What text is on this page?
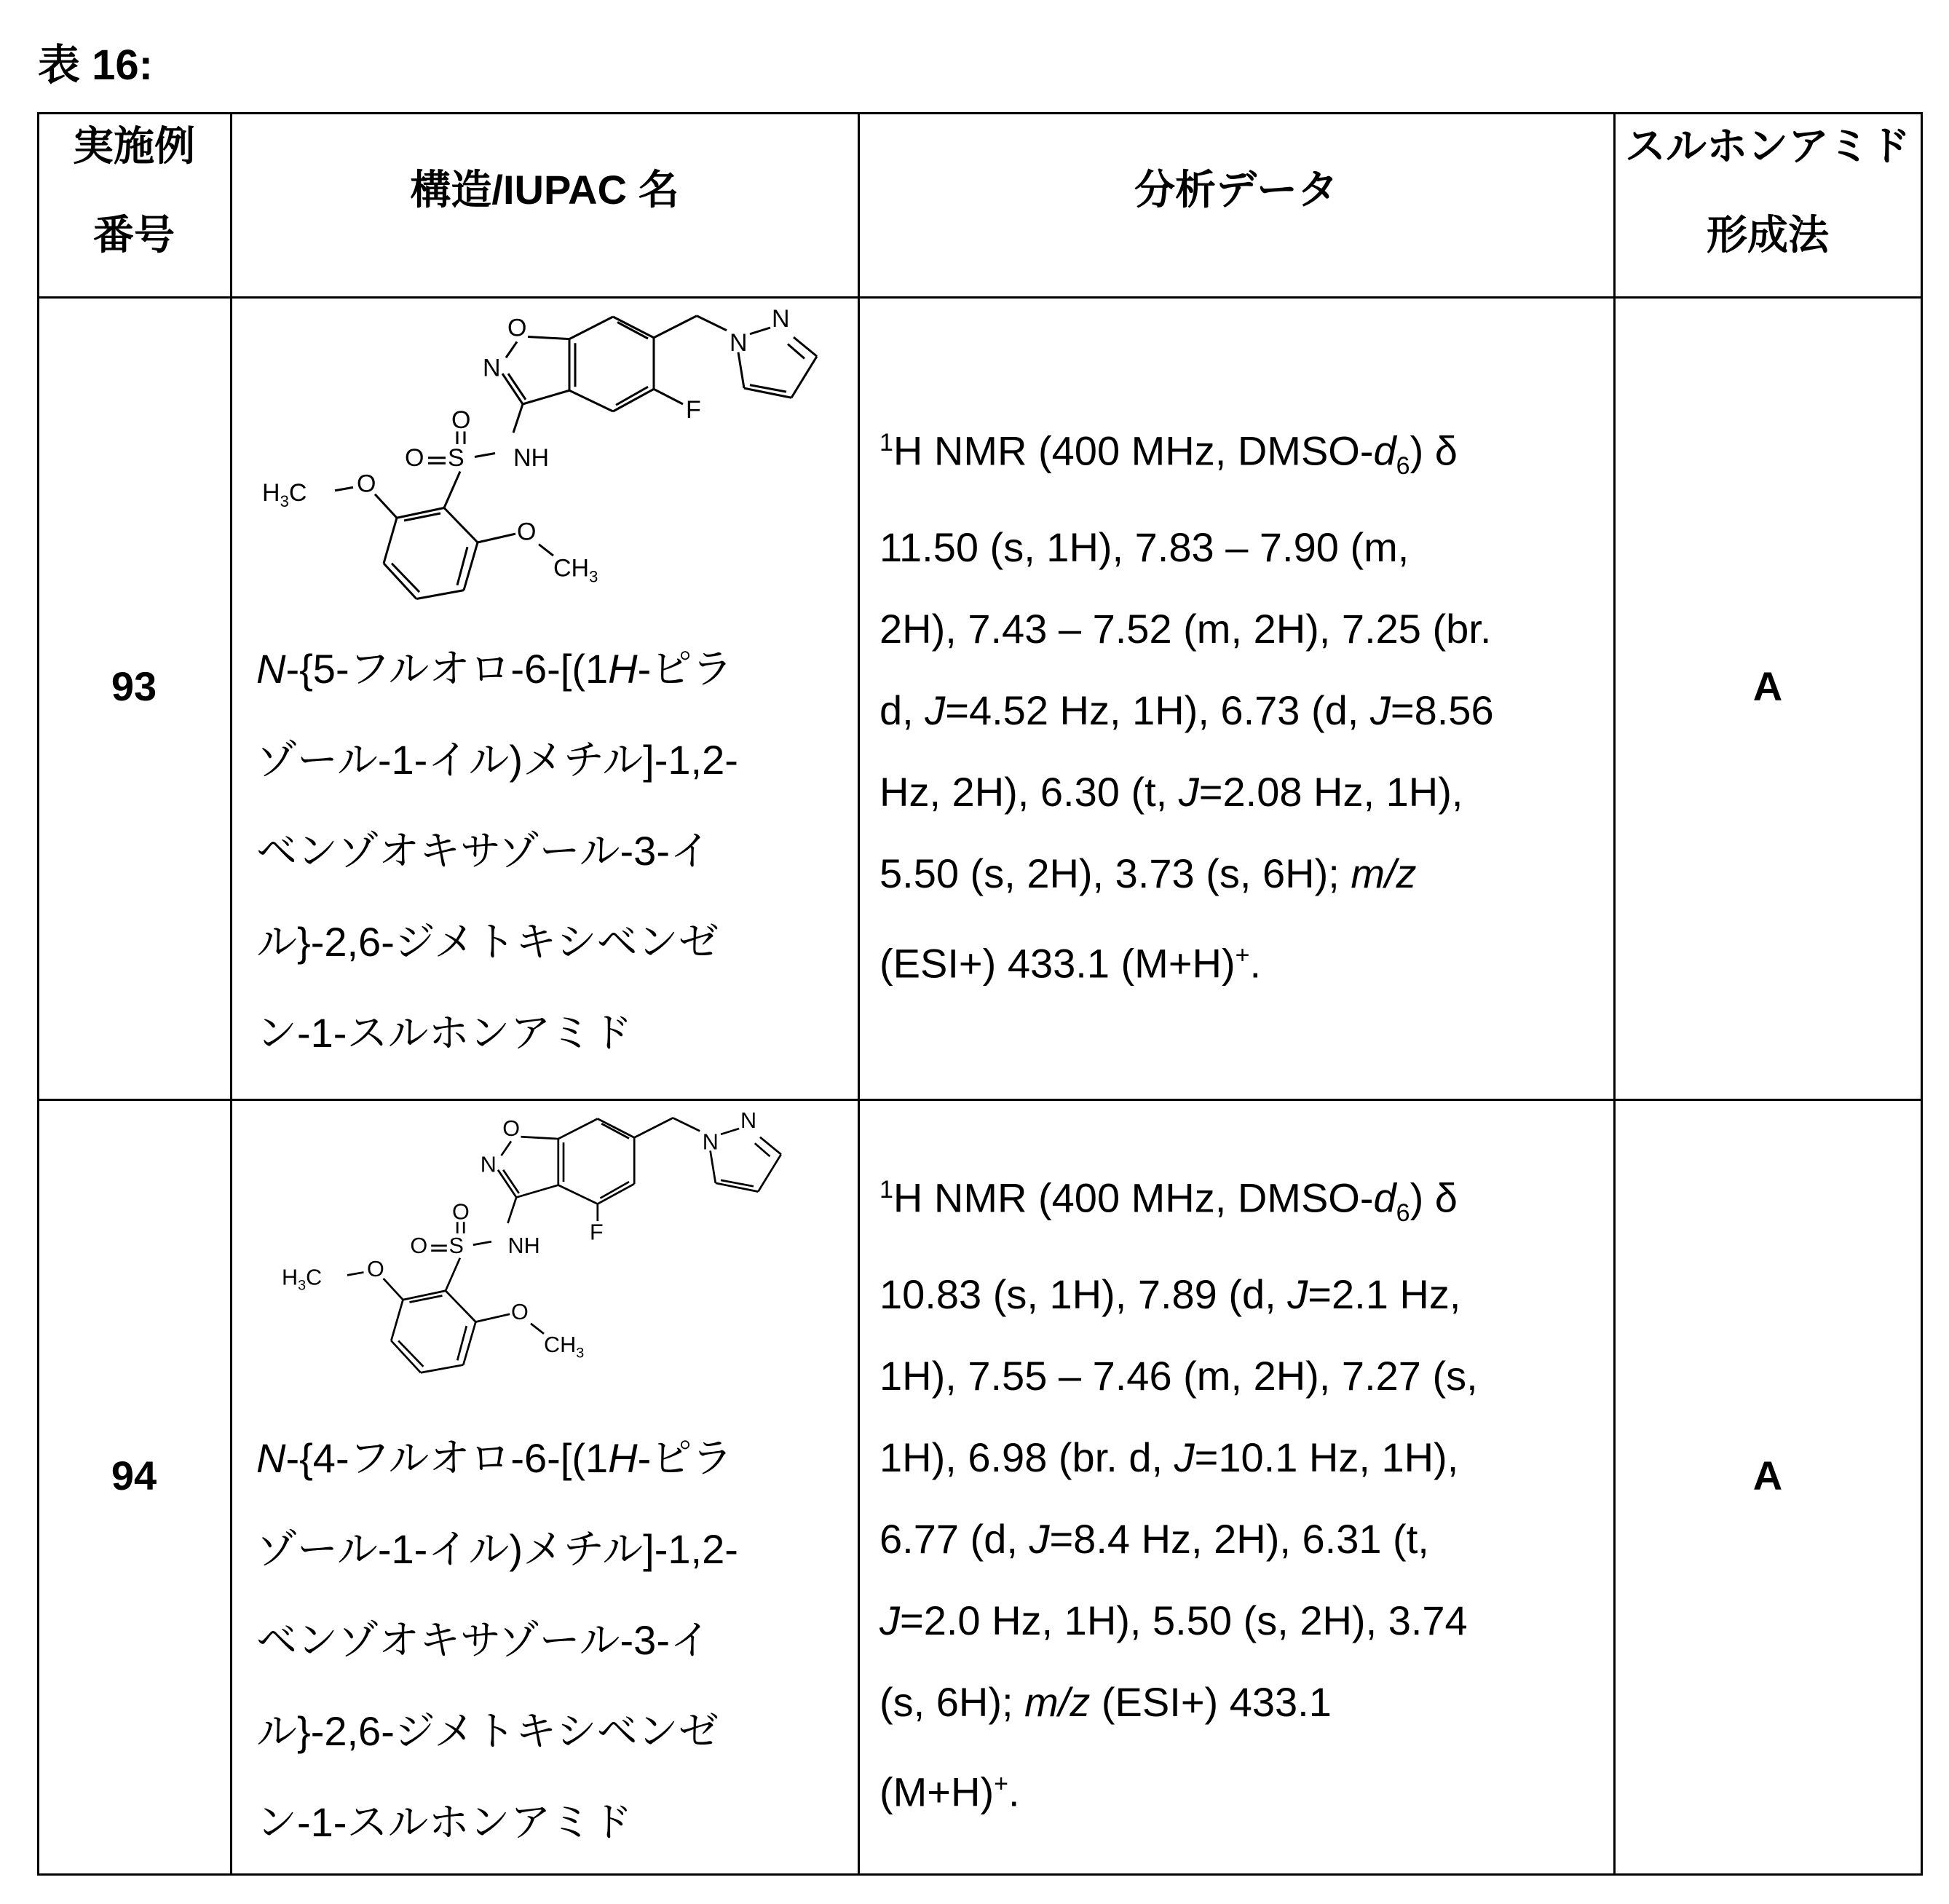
表 16:
実施例
番号
構造/IUPAC 名	分析データ
スルホンアミド
形成法
93	A
N-{5-フルオロ-6-[(1H-ピラ
ゾール-1-イル)メチル]-1,2-
ベンゾオキサゾール-3-イ
ル}-2,6-ジメトキシベンゼ
ン-1-スルホンアミド
1H NMR (400 MHz, DMSO-d6) δ
11.50 (s, 1H), 7.83 – 7.90 (m,
2H), 7.43 – 7.52 (m, 2H), 7.25 (br.
d, J=4.52 Hz, 1H), 6.73 (d, J=8.56
Hz, 2H), 6.30 (t, J=2.08 Hz, 1H),
5.50 (s, 2H), 3.73 (s, 6H); m/z
(ESI+) 433.1 (M+H)+.
94	A
N-{4-フルオロ-6-[(1H-ピラ
ゾール-1-イル)メチル]-1,2-
ベンゾオキサゾール-3-イ
ル}-2,6-ジメトキシベンゼ
ン-1-スルホンアミド
1H NMR (400 MHz, DMSO-d6) δ
10.83 (s, 1H), 7.89 (d, J=2.1 Hz,
1H), 7.55 – 7.46 (m, 2H), 7.27 (s,
1H), 6.98 (br. d, J=10.1 Hz, 1H),
6.77 (d, J=8.4 Hz, 2H), 6.31 (t,
J=2.0 Hz, 1H), 5.50 (s, 2H), 3.74
(s, 6H); m/z (ESI+) 433.1
(M+H)+.
F
O
N
NH
S
O
O
N
N
O
O
H3C
CH3
F
O
N
NH
S
O
O
N
N
O
O
H3C
CH3
